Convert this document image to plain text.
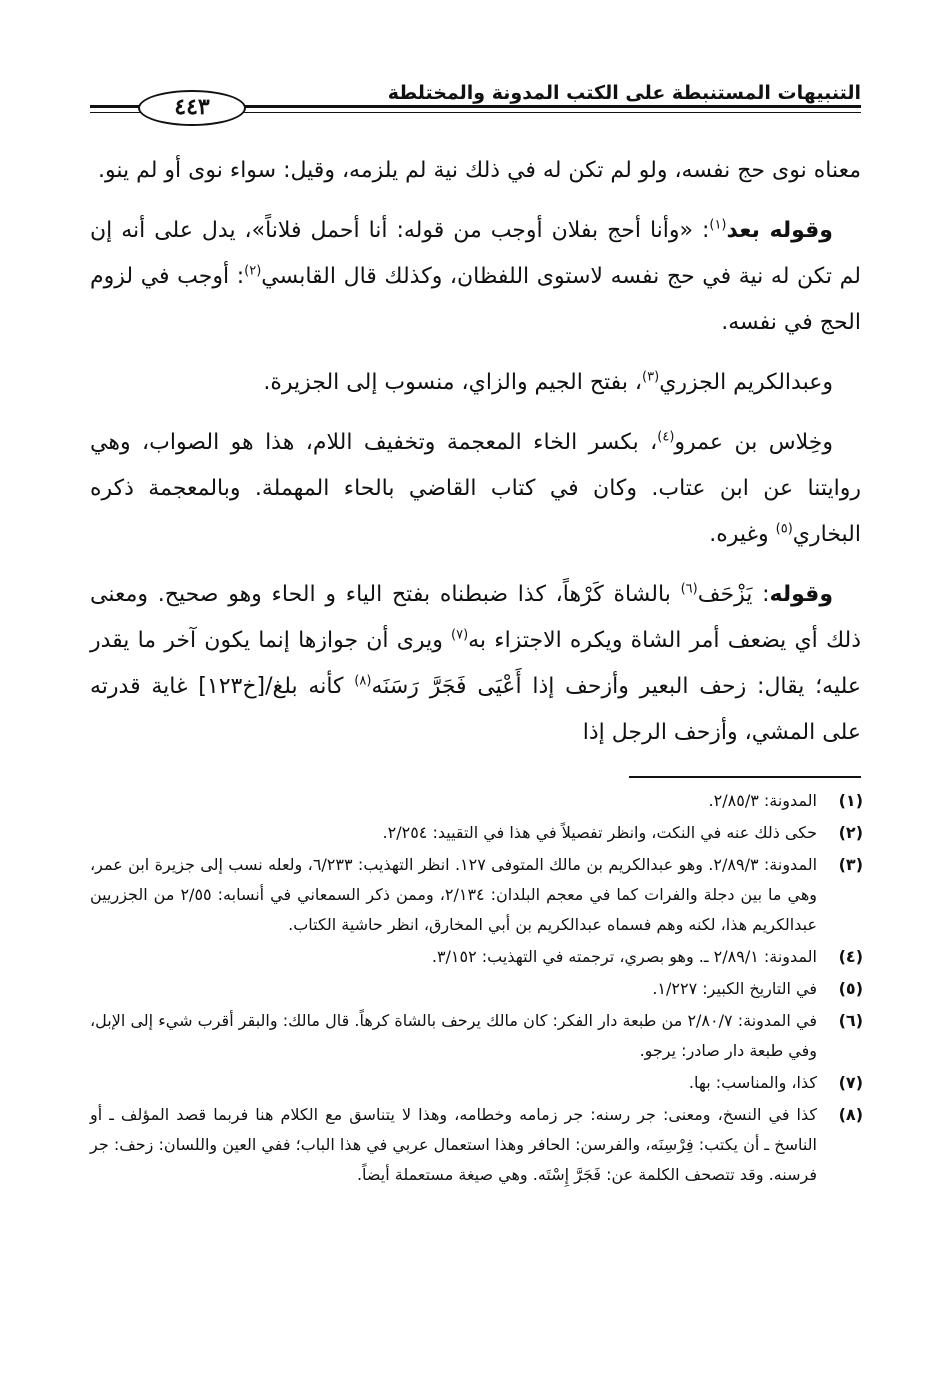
التنبيهات المستنبطة على الكتب المدونة والمختلطة
٤٤٣

معناه نوى حج نفسه، ولو لم تكن له في ذلك نية لم يلزمه، وقيل: سواء نوى أو لم ينو.

وقوله بعد$^{(١)}$: «وأنا أحج بفلان أوجب من قوله: أنا أحمل فلاناً»، يدل على أنه إن لم تكن له نية في حج نفسه لاستوى اللفظان، وكذلك قال القابسي$^{(٢)}$: أوجب في لزوم الحج في نفسه.

وعبدالكريم الجزري$^{(٣)}$، بفتح الجيم والزاي، منسوب إلى الجزيرة.

وخِلاس بن عمرو$^{(٤)}$، بكسر الخاء المعجمة وتخفيف اللام، هذا هو الصواب، وهي روايتنا عن ابن عتاب. وكان في كتاب القاضي بالحاء المهملة. وبالمعجمة ذكره البخاري$^{(٥)}$ وغيره.

وقوله: يَزْحَف$^{(٦)}$ بالشاة كَرْهاً، كذا ضبطناه بفتح الياء و الحاء وهو صحيح. ومعنى ذلك أي يضعف أمر الشاة ويكره الاجتزاء به$^{(٧)}$ ويرى أن جوازها إنما يكون آخر ما يقدر عليه؛ يقال: زحف البعير وأزحف إذا أَعْيَى فَجَرَّ رَسَنَه$^{(٨)}$ كأنه بلغ/[خ١٢٣] غاية قدرته على المشي، وأزحف الرجل إذا

(١)
المدونة: ٢/٨٥/٣.
(٢)
حكى ذلك عنه في النكت، وانظر تفصيلاً في هذا في التقييد: ٢/٢٥٤.
(٣)
المدونة: ٢/٨٩/٣. وهو عبدالكريم بن مالك المتوفى ١٢٧. انظر التهذيب: ٦/٢٣٣، ولعله نسب إلى جزيرة ابن عمر، وهي ما بين دجلة والفرات كما في معجم البلدان: ٢/١٣٤، وممن ذكر السمعاني في أنسابه: ٢/٥٥ من الجزريين عبدالكريم هذا، لكنه وهم فسماه عبدالكريم بن أبي المخارق، انظر حاشية الكتاب.
(٤)
المدونة: ٢/٨٩/١ ـ. وهو بصري، ترجمته في التهذيب: ٣/١٥٢.
(٥)
في التاريخ الكبير: ١/٢٢٧.
(٦)
في المدونة: ٢/٨٠/٧ من طبعة دار الفكر: كان مالك يرحف بالشاة كرهاً. قال مالك: والبقر أقرب شيء إلى الإبل، وفي طبعة دار صادر: يرجو.
(٧)
كذا، والمناسب: بها.
(٨)
كذا في النسخ، ومعنى: جر رسنه: جر زمامه وخطامه، وهذا لا يتناسق مع الكلام هنا فربما قصد المؤلف ـ أو الناسخ ـ أن يكتب: فِرْسِنَه، والفرسن: الحافر وهذا استعمال عربي في هذا الباب؛ ففي العين واللسان: زحف: جر فرسنه. وقد تتصحف الكلمة عن: فَجَرَّ إِسْتَه. وهي صيغة مستعملة أيضاً.
